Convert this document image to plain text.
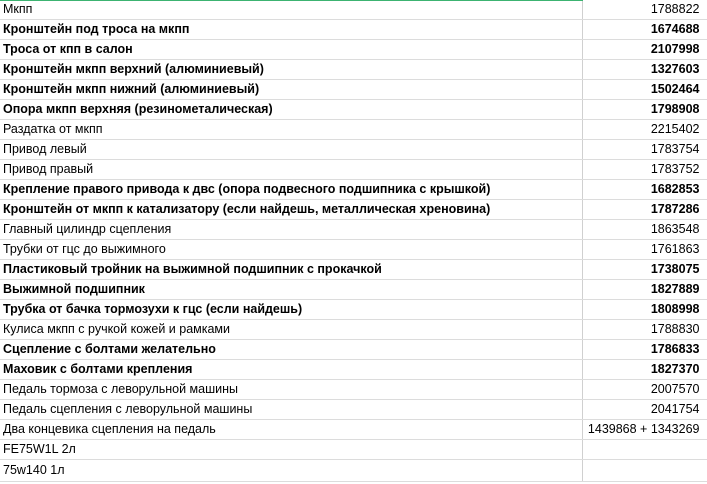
Мкпп	1788822
Кронштейн под троса на мкпп	1674688
Троса от кпп в салон	2107998
Кронштейн мкпп верхний (алюминиевый)	1327603
Кронштейн мкпп нижний (алюминиевый)	1502464
Опора мкпп верхняя (резинометалическая)	1798908
Раздатка от мкпп	2215402
Привод левый	1783754
Привод правый	1783752
Крепление правого привода к двс (опора подвесного подшипника с крышкой)	1682853
Кронштейн от мкпп к катализатору (если найдешь, металлическая хреновина)	1787286
Главный цилиндр сцепления	1863548
Трубки от гцс до выжимного	1761863
Пластиковый тройник на выжимной подшипник с прокачкой	1738075
Выжимной подшипник	1827889
Трубка от бачка тормозухи к гцс (если найдешь)	1808998
Кулиса мкпп с ручкой кожей и рамками	1788830
Сцепление с болтами желательно	1786833
Маховик с болтами крепления	1827370
Педаль тормоза с леворульной машины	2007570
Педаль сцепления с леворульной машины	2041754
Два концевика сцепления на педаль	1439868 + 1343269
FE75W1L 2л	
75w140 1л	
